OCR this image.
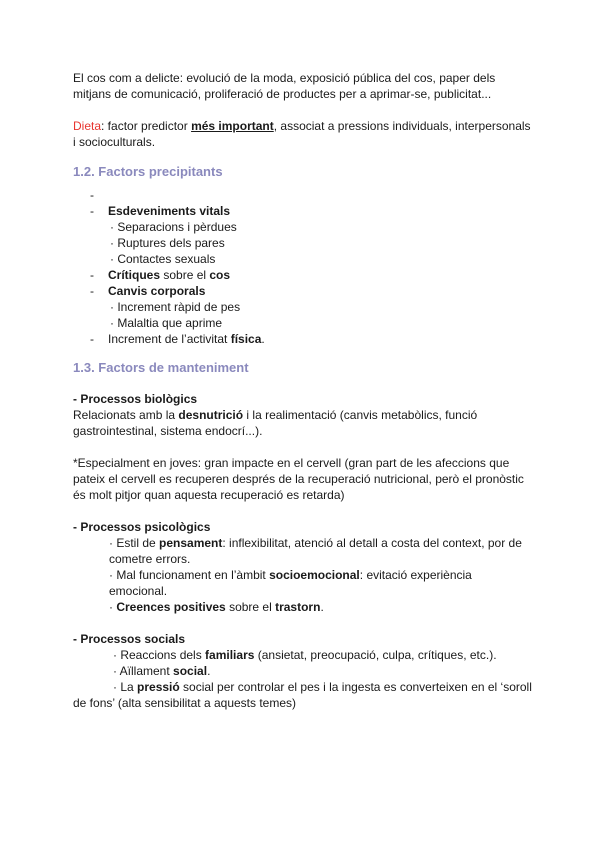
El cos com a delicte: evolució de la moda, exposició pública del cos, paper dels mitjans de comunicació, proliferació de productes per a aprimar-se, publicitat...

Dieta: factor predictor més important, associat a pressions individuals, interpersonals i socioculturals.

1.2. Factors precipitants
-

- Esdeveniments vitals
· Separacions i pèrdues
· Ruptures dels pares
· Contactes sexuals
- Crítiques sobre el cos
- Canvis corporals
· Increment ràpid de pes
· Malaltia que aprime
- Increment de l’activitat física.
1.3. Factors de manteniment

- Processos biològics

Relacionats amb la desnutrició i la realimentació (canvis metabòlics, funció gastrointestinal, sistema endocrí...).

*Especialment en joves: gran impacte en el cervell (gran part de les afeccions que pateix el cervell es recuperen després de la recuperació nutricional, però el pronòstic és molt pitjor quan aquesta recuperació es retarda)

- Processos psicològics

· Estil de pensament: inflexibilitat, atenció al detall a costa del context, por de cometre errors.
· Mal funcionament en l’àmbit socioemocional: evitació experiència emocional.
· Creences positives sobre el trastorn.

- Processos socials

· Reaccions dels familiars (ansietat, preocupació, culpa, crítiques, etc.).
· Aïllament social.
· La pressió social per controlar el pes i la ingesta es converteixen en el ‘soroll de fons’ (alta sensibilitat a aquests temes)
